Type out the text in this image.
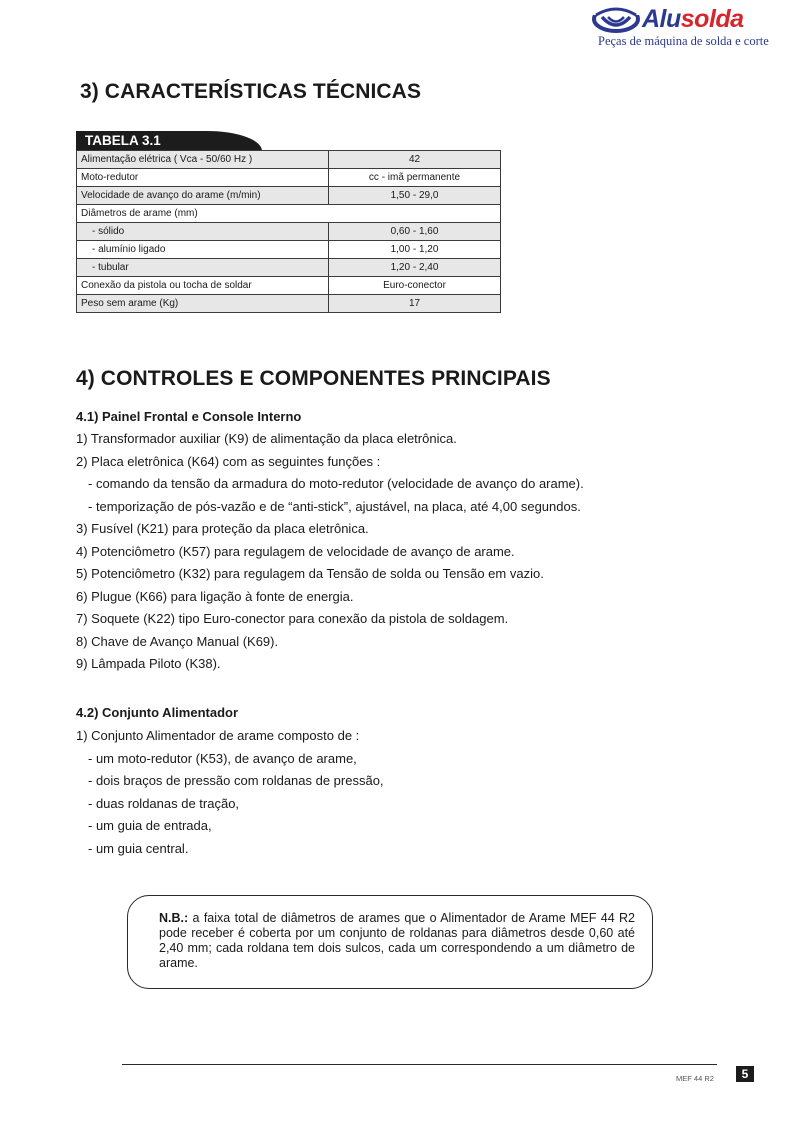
Alusolda
Peças de máquina de solda e corte
3) CARACTERÍSTICAS TÉCNICAS
TABELA 3.1
Alimentação elétrica ( Vca - 50/60 Hz )	42
Moto-redutor	cc - imã permanente
Velocidade de avanço do arame (m/min)	1,50 - 29,0
Diâmetros de arame (mm)	
- sólido	0,60 - 1,60
- alumínio ligado	1,00 - 1,20
- tubular	1,20 - 2,40
Conexão da pistola ou tocha de soldar	Euro-conector
Peso sem arame (Kg)	17
4) CONTROLES E COMPONENTES PRINCIPAIS
4.1) Painel Frontal e Console Interno
1) Transformador auxiliar (K9) de alimentação da placa eletrônica.
2) Placa eletrônica (K64) com as seguintes funções :
- comando da tensão da armadura do moto-redutor (velocidade de avanço do arame).
- temporização de pós-vazão e de “anti-stick”, ajustável, na placa, até 4,00 segundos.
3) Fusível (K21) para proteção da placa eletrônica.
4) Potenciômetro (K57) para regulagem de velocidade de avanço de arame.
5) Potenciômetro (K32) para regulagem da Tensão de solda ou Tensão em vazio.
6) Plugue (K66) para ligação à fonte de energia.
7) Soquete (K22) tipo Euro-conector para conexão da pistola de soldagem.
8) Chave de Avanço Manual (K69).
9) Lâmpada Piloto (K38).
4.2) Conjunto Alimentador
1) Conjunto Alimentador de arame composto de :
- um moto-redutor (K53), de avanço de arame,
- dois braços de pressão com roldanas de pressão,
- duas roldanas de tração,
- um guia de entrada,
- um guia central.
N.B.: a faixa total de diâmetros de arames que o Alimentador de Arame MEF 44 R2 pode receber é coberta por um conjunto de roldanas para diâmetros desde 0,60 até 2,40 mm; cada roldana tem dois sulcos, cada um correspondendo a um diâmetro de arame.
MEF 44 R2	5
